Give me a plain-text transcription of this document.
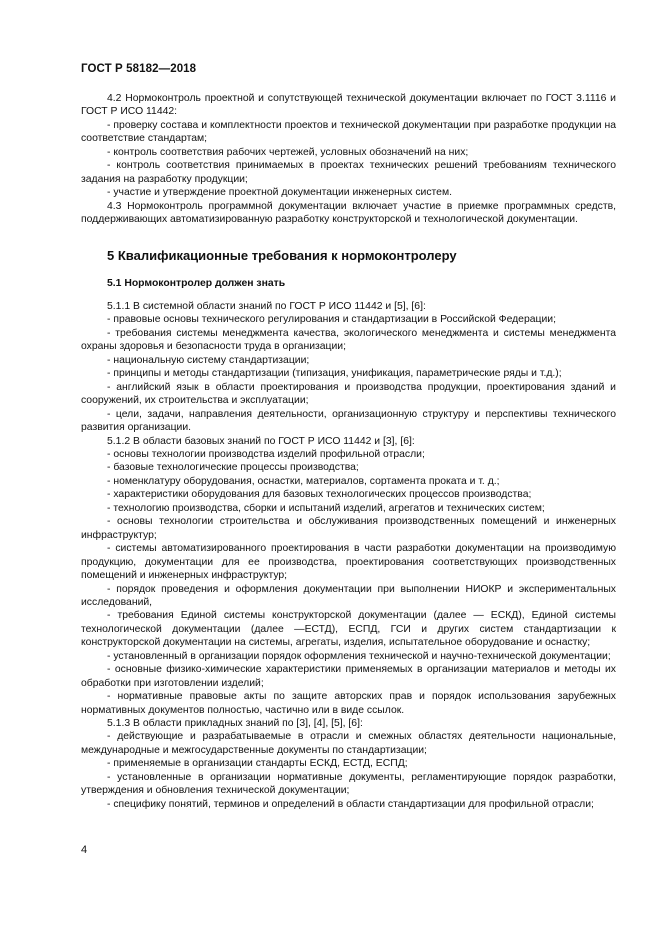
ГОСТ Р 58182—2018

4.2 Нормоконтроль проектной и сопутствующей технической документации включает по ГОСТ 3.1116 и ГОСТ Р ИСО 11442:

- проверку состава и комплектности проектов и технической документации при разработке продукции на соответствие стандартам;

- контроль соответствия рабочих чертежей, условных обозначений на них;

- контроль соответствия принимаемых в проектах технических решений требованиям технического задания на разработку продукции;

- участие и утверждение проектной документации инженерных систем.

4.3 Нормоконтроль программной документации включает участие в приемке программных средств, поддерживающих автоматизированную разработку конструкторской и технологической документации.

5 Квалификационные требования к нормоконтролеру
5.1 Нормоконтролер должен знать

5.1.1 В системной области знаний по ГОСТ Р ИСО 11442 и [5], [6]:

- правовые основы технического регулирования и стандартизации в Российской Федерации;

- требования системы менеджмента качества, экологического менеджмента и системы менеджмента охраны здоровья и безопасности труда в организации;

- национальную систему стандартизации;

- принципы и методы стандартизации (типизация, унификация, параметрические ряды и т.д.);

- английский язык в области проектирования и производства продукции, проектирования зданий и сооружений, их строительства и эксплуатации;

- цели, задачи, направления деятельности, организационную структуру и перспективы технического развития организации.

5.1.2 В области базовых знаний по ГОСТ Р ИСО 11442 и [3], [6]:

- основы технологии производства изделий профильной отрасли;

- базовые технологические процессы производства;

- номенклатуру оборудования, оснастки, материалов, сортамента проката и т. д.;

- характеристики оборудования для базовых технологических процессов производства;

- технологию производства, сборки и испытаний изделий, агрегатов и технических систем;

- основы технологии строительства и обслуживания производственных помещений и инженерных инфраструктур;

- системы автоматизированного проектирования в части разработки документации на производимую продукцию, документации для ее производства, проектирования соответствующих производственных помещений и инженерных инфраструктур;

- порядок проведения и оформления документации при выполнении НИОКР и экспериментальных исследований,

- требования Единой системы конструкторской документации (далее — ЕСКД), Единой системы технологической документации (далее —ЕСТД), ЕСПД, ГСИ и других систем стандартизации к конструкторской документации на системы, агрегаты, изделия, испытательное оборудование и оснастку;

- установленный в организации порядок оформления технической и научно-технической документации;

- основные физико-химические характеристики применяемых в организации материалов и методы их обработки при изготовлении изделий;

- нормативные правовые акты по защите авторских прав и порядок использования зарубежных нормативных документов полностью, частично или в виде ссылок.

5.1.3 В области прикладных знаний по [3], [4], [5], [6]:

- действующие и разрабатываемые в отрасли и смежных областях деятельности национальные, международные и межгосударственные документы по стандартизации;

- применяемые в организации стандарты ЕСКД, ЕСТД, ЕСПД;

- установленные в организации нормативные документы, регламентирующие порядок разработки, утверждения и обновления технической документации;

- специфику понятий, терминов и определений в области стандартизации для профильной отрасли;

4
